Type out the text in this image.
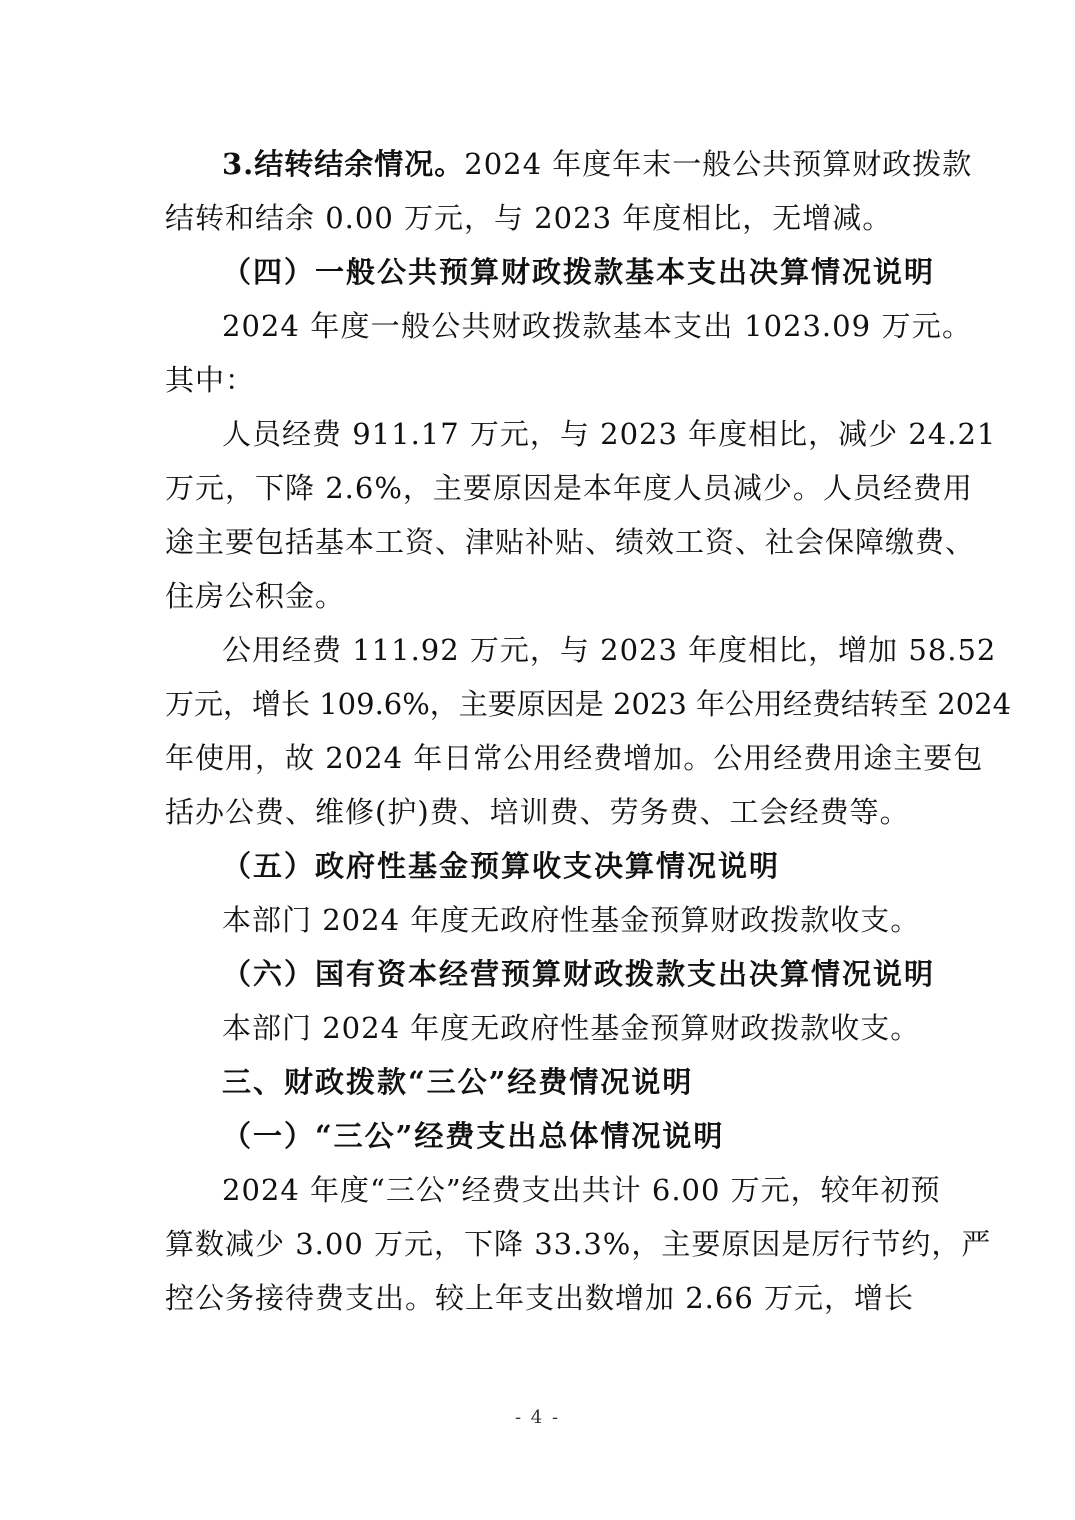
3.结转结余情况。2024 年度年末一般公共预算财政拨款
结转和结余 0.00 万元，与 2023 年度相比，无增减。
（四）一般公共预算财政拨款基本支出决算情况说明
2024 年度一般公共财政拨款基本支出 1023.09 万元。
其中：
人员经费 911.17 万元，与 2023 年度相比，减少 24.21
万元，下降 2.6%，主要原因是本年度人员减少。人员经费用
途主要包括基本工资、津贴补贴、绩效工资、社会保障缴费、
住房公积金。
公用经费 111.92 万元，与 2023 年度相比，增加 58.52
万元，增长 109.6%，主要原因是 2023 年公用经费结转至 2024
年使用，故 2024 年日常公用经费增加。公用经费用途主要包
括办公费、维修(护)费、培训费、劳务费、工会经费等。
（五）政府性基金预算收支决算情况说明
本部门 2024 年度无政府性基金预算财政拨款收支。
（六）国有资本经营预算财政拨款支出决算情况说明
本部门 2024 年度无政府性基金预算财政拨款收支。
三、财政拨款“三公”经费情况说明
（一）“三公”经费支出总体情况说明
2024 年度“三公”经费支出共计 6.00 万元，较年初预
算数减少 3.00 万元，下降 33.3%，主要原因是厉行节约，严
控公务接待费支出。较上年支出数增加 2.66 万元，增长
- 4 -
